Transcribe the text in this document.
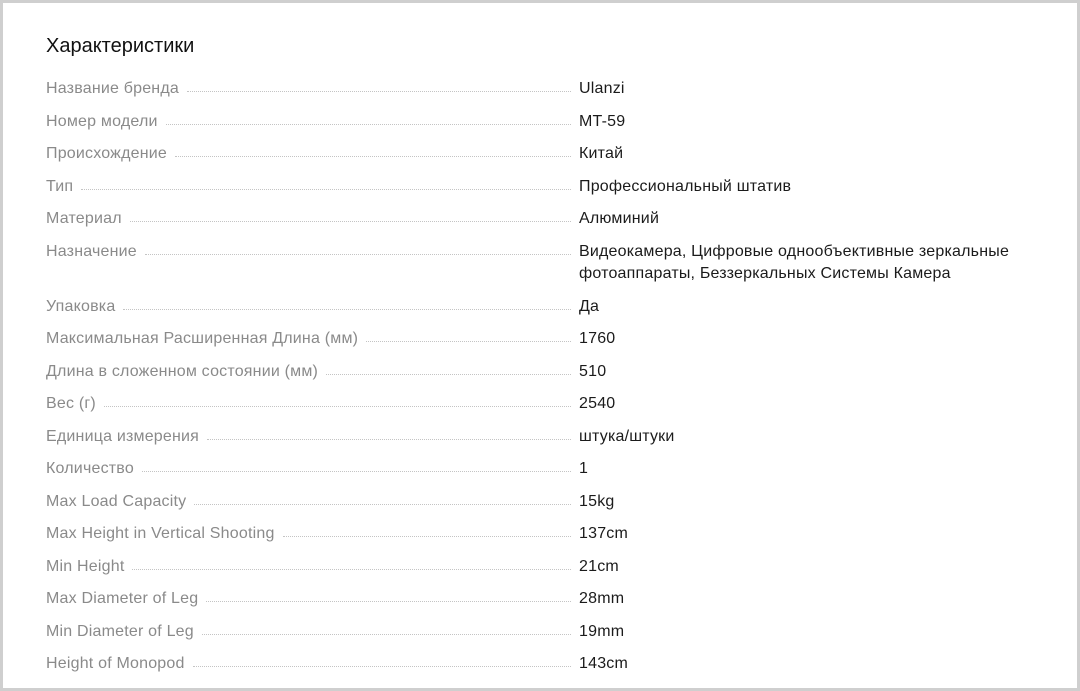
Характеристики
Название бренда	Ulanzi
Номер модели	MT-59
Происхождение	Китай
Тип	Профессиональный штатив
Материал	Алюминий
Назначение	Видеокамера, Цифровые однообъективные зеркальные фотоаппараты, Беззеркальных Системы Камера
Упаковка	Да
Максимальная Расширенная Длина (мм)	1760
Длина в сложенном состоянии (мм)	510
Вес (г)	2540
Единица измерения	штука/штуки
Количество	1
Max Load Capacity	15kg
Max Height in Vertical Shooting	137cm
Min Height	21cm
Max Diameter of Leg	28mm
Min Diameter of Leg	19mm
Height of Monopod	143cm
